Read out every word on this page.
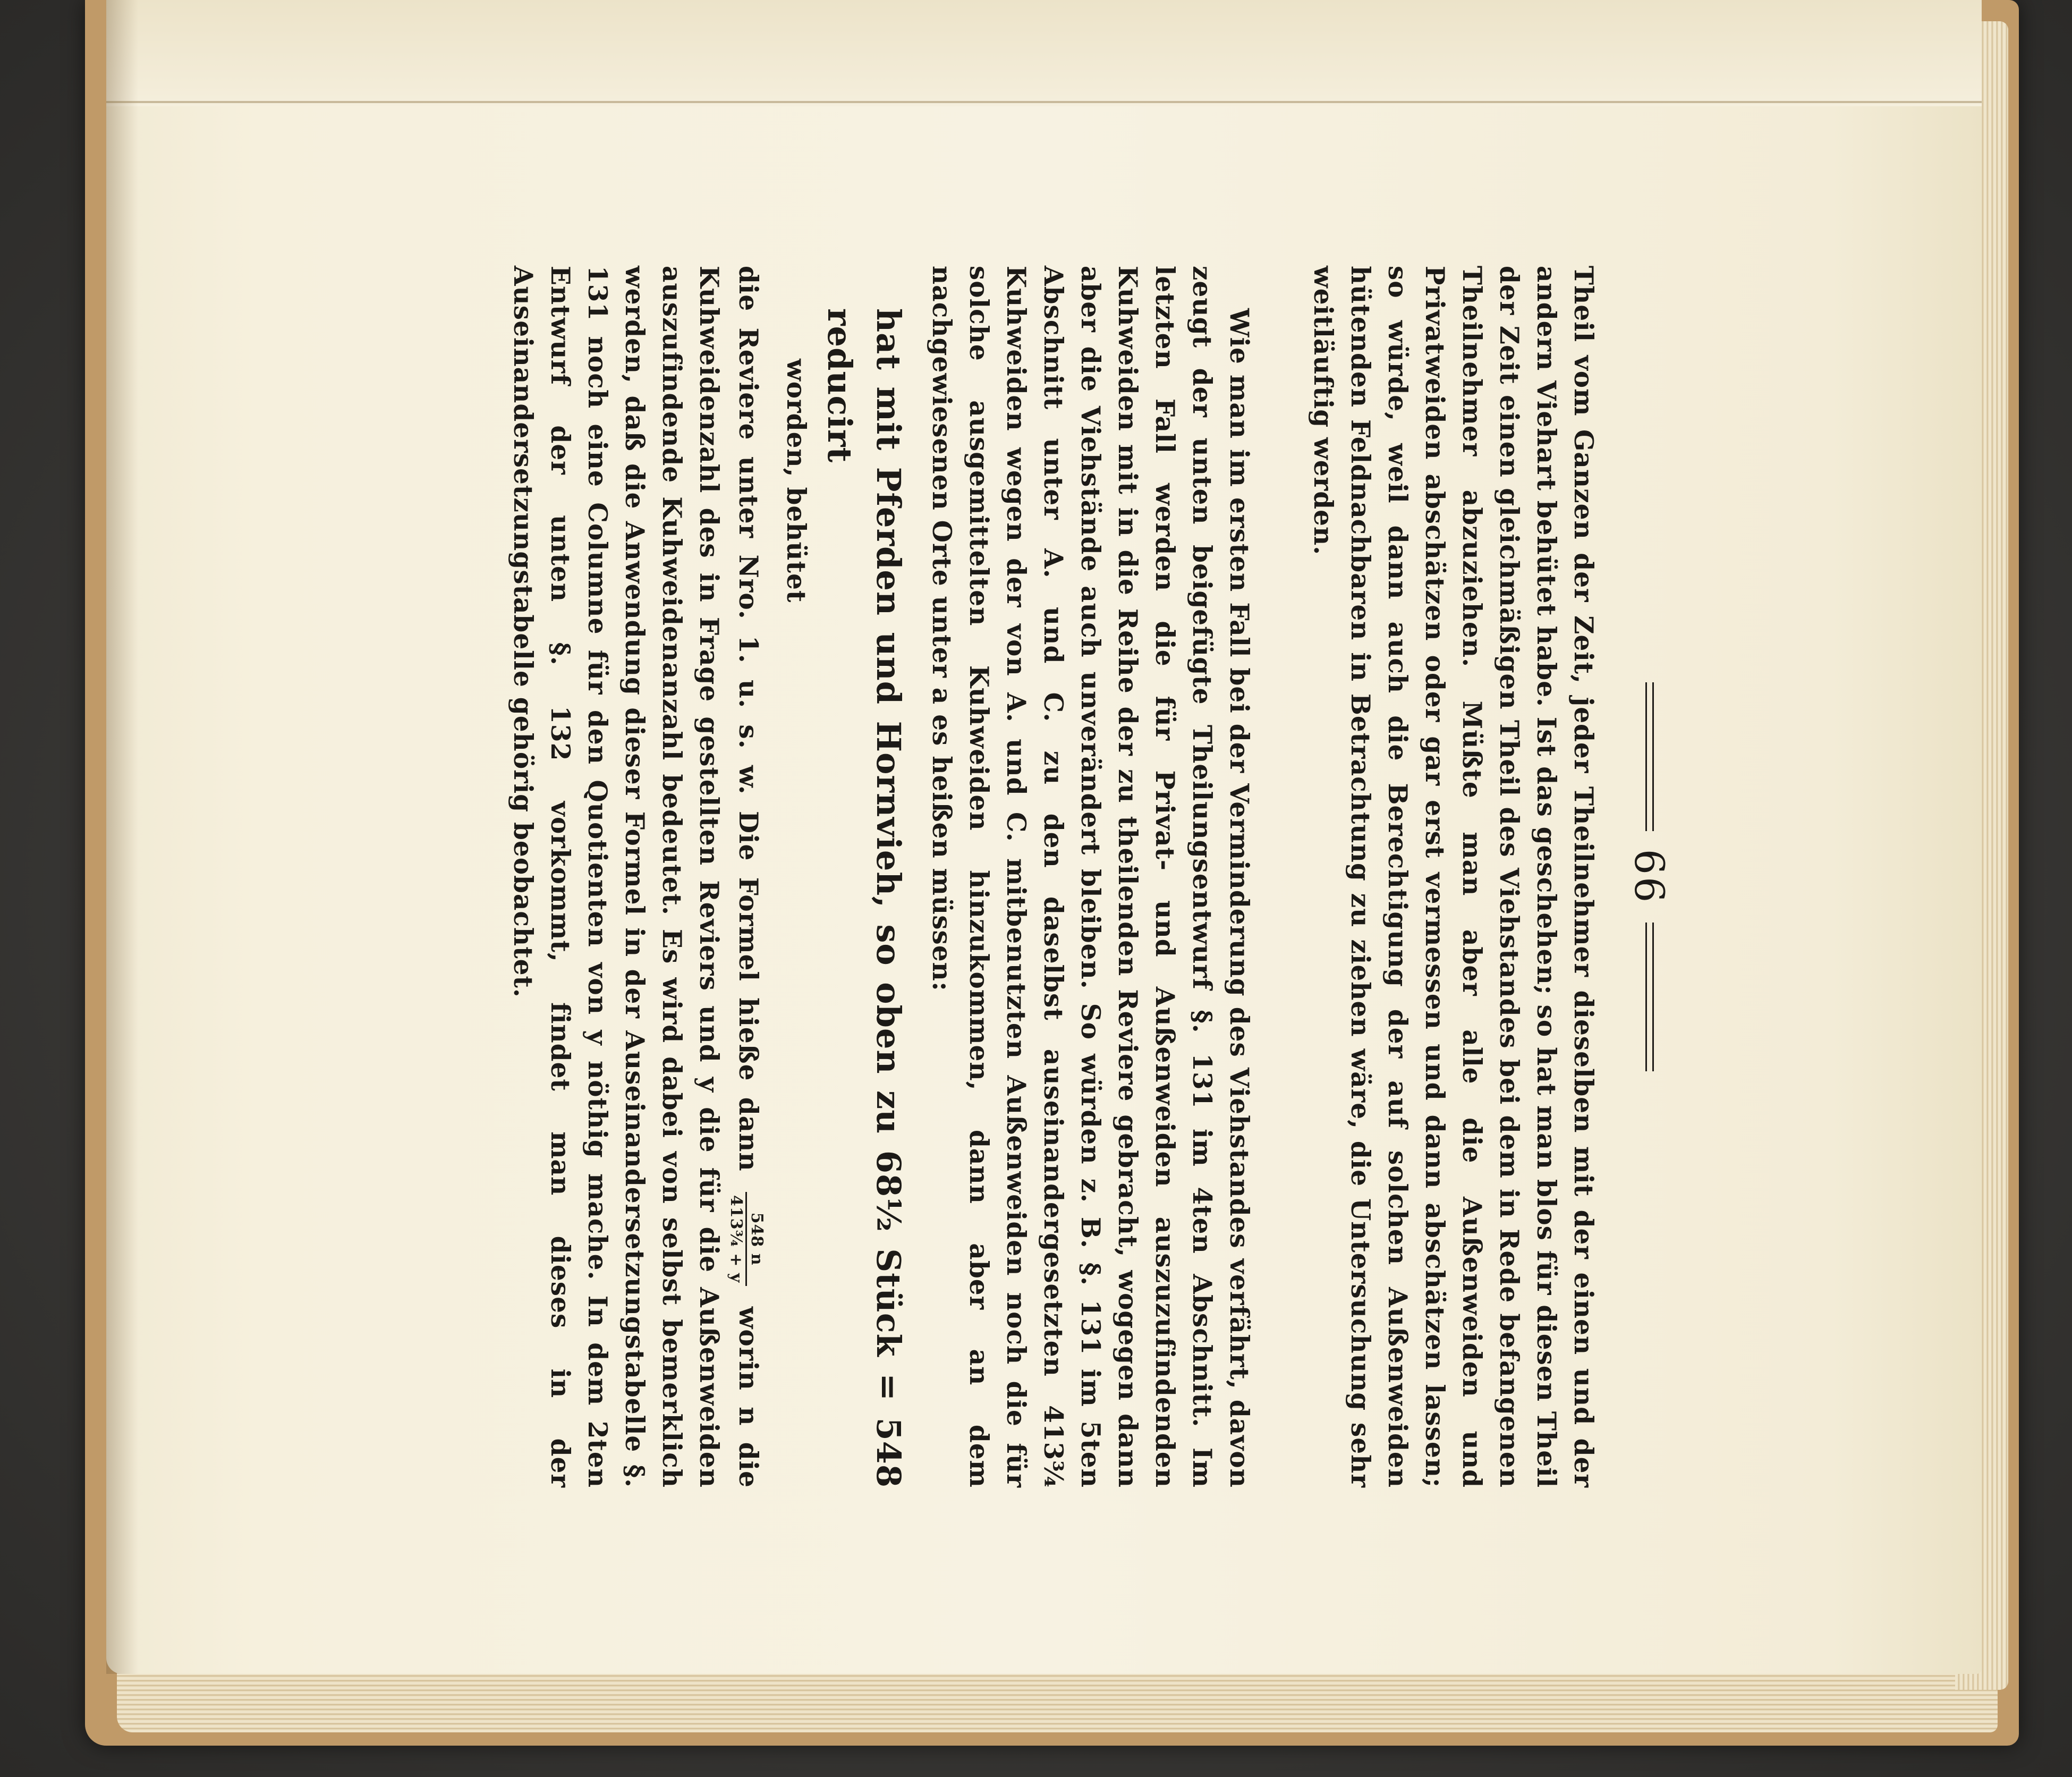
66

Theil vom Ganzen der Zeit, jeder Theilnehmer dieselben mit der einen und der andern Viehart behütet habe. Ist das geschehen; so hat man blos für diesen Theil der Zeit einen gleichmäßigen Theil des Viehstandes bei dem in Rede befangenen Theilnehmer abzuziehen. Müßte man aber alle die Außenweiden und Privatweiden abschätzen oder gar erst vermessen und dann abschätzen lassen; so würde, weil dann auch die Berechtigung der auf solchen Außenweiden hütenden Feldnachbaren in Betrachtung zu ziehen wäre, die Untersuchung sehr weitläuftig werden.

Wie man im ersten Fall bei der Verminderung des Viehstandes verfährt, davon zeugt der unten beigefügte Theilungsentwurf §. 131 im 4ten Abschnitt. Im letzten Fall werden die für Privat- und Außenweiden auszuzufindenden Kuhweiden mit in die Reihe der zu theilenden Reviere gebracht, wogegen dann aber die Viehstände auch unverändert bleiben. So würden z. B. §. 131 im 5ten Abschnitt unter A. und C. zu den daselbst auseinandergesetzten 413¾ Kuhweiden wegen der von A. und C. mitbenutzten Außenweiden noch die für solche ausgemittelten Kuhweiden hinzukommen, dann aber an dem nachgewiesenen Orte unter a es heißen müssen:

hat mit Pferden und Hornvieh, so oben zu 68½ Stück = 548 reducirt

worden, behütet

die Reviere unter Nro. 1. u. s. w. Die Formel hieße dann
548 n
413¾ + y
worin n die Kuhweidenzahl des in Frage gestellten Reviers und y die für die Außenweiden auszufindende Kuhweidenanzahl bedeutet. Es wird dabei von selbst bemerklich werden, daß die Anwendung dieser Formel in der Auseinandersetzungstabelle §. 131 noch eine Columne für den Quotienten von y nöthig mache. In dem 2ten Entwurf der unten §. 132 vorkommt, findet man dieses in der Auseinandersetzungstabelle gehörig beobachtet.
